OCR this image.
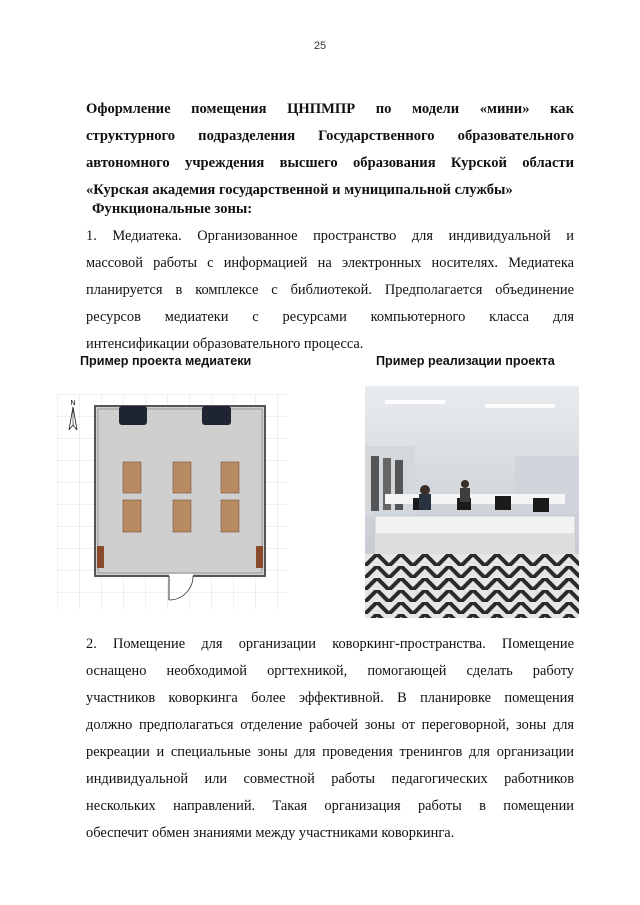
25
Оформление помещения ЦНПМПР по модели «мини» как
структурного подразделения Государственного образовательного
автономного учреждения высшего образования Курской области
«Курская академия государственной и муниципальной службы»
Функциональные зоны:
1. Медиатека. Организованное пространство для индивидуальной и
массовой работы с информацией на электронных носителях. Медиатека
планируется в комплексе с библиотекой. Предполагается объединение
ресурсов медиатеки с ресурсами компьютерного класса для
интенсификации образовательного процесса.
Пример проекта медиатеки	Пример реализации проекта
N
2. Помещение для организации коворкинг-пространства. Помещение
оснащено необходимой оргтехникой, помогающей сделать работу
участников коворкинга более эффективной. В планировке помещения
должно предполагаться отделение рабочей зоны от переговорной, зоны для
рекреации и специальные зоны для проведения тренингов для организации
индивидуальной или совместной работы педагогических работников
нескольких направлений. Такая организация работы в помещении
обеспечит обмен знаниями между участниками коворкинга.
